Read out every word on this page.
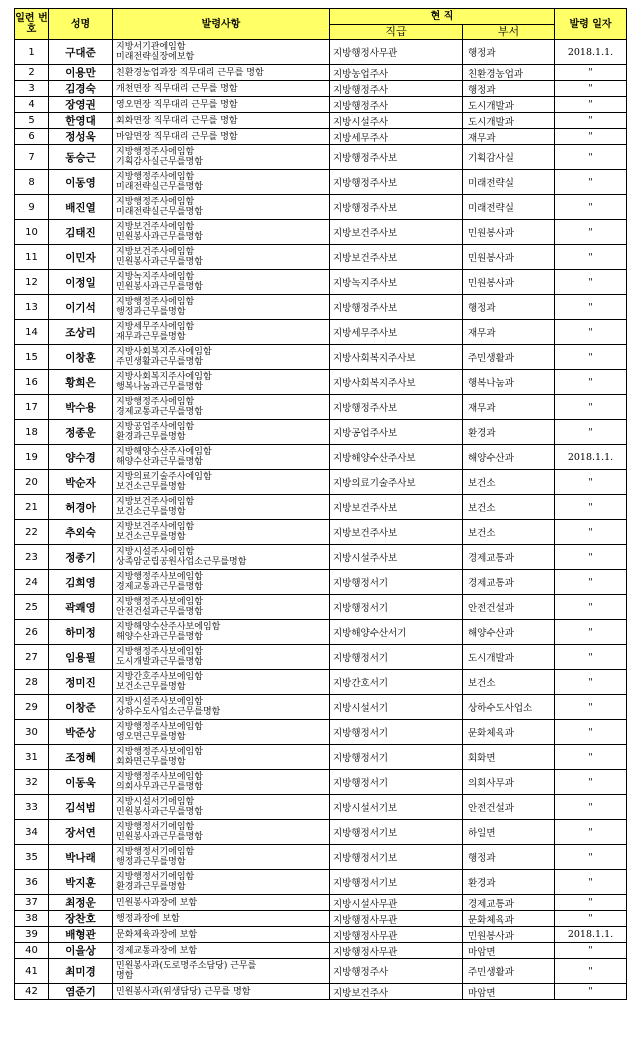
일련 번호	성명	발령사항	현 직		발령 일자
			직급	부서	
1	구대준	지방서기관에임함
미래전략실장에보함	지방행정사무관	행정과	2018.1.1.
2	이용만	친환경농업과장 직무대리 근무를 명함	지방농업주사	친환경농업과	"
3	김경숙	개천면장 직무대리 근무를 명함	지방행정주사	행정과	"
4	장영권	영오면장 직무대리 근무를 명함	지방행정주사	도시개발과	"
5	한영대	회화면장 직무대리 근무를 명함	지방시설주사	도시개발과	"
6	정성욱	마암면장 직무대리 근무를 명함	지방세무주사	재무과	"
7	동승근	지방행정주사에임함
기획감사실근무를명함	지방행정주사보	기획감사실	"
8	이동영	지방행정주사에임함
미래전략실근무를명함	지방행정주사보	미래전략실	"
9	배진열	지방행정주사에임함
미래전략실근무를명함	지방행정주사보	미래전략실	"
10	김태진	지방보건주사에임함
민원봉사과근무를명함	지방보건주사보	민원봉사과	"
11	이민자	지방보건주사에임함
민원봉사과근무를명함	지방보건주사보	민원봉사과	"
12	이정일	지방녹지주사에임함
민원봉사과근무를명함	지방녹지주사보	민원봉사과	"
13	이기석	지방행정주사에임함
행정과근무를명함	지방행정주사보	행정과	"
14	조상리	지방세무주사에임함
재무과근무를명함	지방세무주사보	재무과	"
15	이창훈	지방사회복지주사에임함
주민생활과근무를명함	지방사회복지주사보	주민생활과	"
16	황희은	지방사회복지주사에임함
행복나눔과근무를명함	지방사회복지주사보	행복나눔과	"
17	박수용	지방행정주사에임함
경제교통과근무를명함	지방행정주사보	재무과	"
18	정종운	지방공업주사에임함
환경과근무를명함	지방공업주사보	환경과	"
19	양수경	지방해양수산주사에임함
해양수산과근무를명함	지방해양수산주사보	해양수산과	2018.1.1.
20	박순자	지방의료기술주사에임함
보건소근무를명함	지방의료기술주사보	보건소	"
21	허경아	지방보건주사에임함
보건소근무를명함	지방보건주사보	보건소	"
22	추외숙	지방보건주사에임함
보건소근무를명함	지방보건주사보	보건소	"
23	정종기	지방시설주사에임함
상족암군립공원사업소근무를명함	지방시설주사보	경제교통과	"
24	김희영	지방행정주사보에임함
경제교통과근무를명함	지방행정서기	경제교통과	"
25	곽쾌영	지방행정주사보에임함
안전건설과근무를명함	지방행정서기	안전건설과	"
26	하미정	지방해양수산주사보에임함
해양수산과근무를명함	지방해양수산서기	해양수산과	"
27	임용필	지방행정주사보에임함
도시개발과근무를명함	지방행정서기	도시개발과	"
28	정미진	지방간호주사보에임함
보건소근무를명함	지방간호서기	보건소	"
29	이창준	지방시설주사보에임함
상하수도사업소근무를명함	지방시설서기	상하수도사업소	"
30	박준상	지방행정주사보에임함
영오면근무를명함	지방행정서기	문화체육과	"
31	조정혜	지방행정주사보에임함
회화면근무를명함	지방행정서기	회화면	"
32	이동욱	지방행정주사보에임함
의회사무과근무를명함	지방행정서기	의회사무과	"
33	김석범	지방시설서기에임함
민원봉사과근무를명함	지방시설서기보	안전건설과	"
34	장서연	지방행정서기에임함
민원봉사과근무를명함	지방행정서기보	하일면	"
35	박나래	지방행정서기에임함
행정과근무를명함	지방행정서기보	행정과	"
36	박지훈	지방행정서기에임함
환경과근무를명함	지방행정서기보	환경과	"
37	최정운	민원봉사과장에 보함	지방시설사무관	경제교통과	"
38	장찬호	행정과장에 보함	지방행정사무관	문화체육과	"
39	배형관	문화체육과장에 보함	지방행정사무관	민원봉사과	2018.1.1.
40	이을상	경제교통과장에 보함	지방행정사무관	마암면	"
41	최미경	민원봉사과(도로명주소담당) 근무를
명함	지방행정주사	주민생활과	"
42	염준기	민원봉사과(위생담당) 근무를 명함	지방보건주사	마암면	"
